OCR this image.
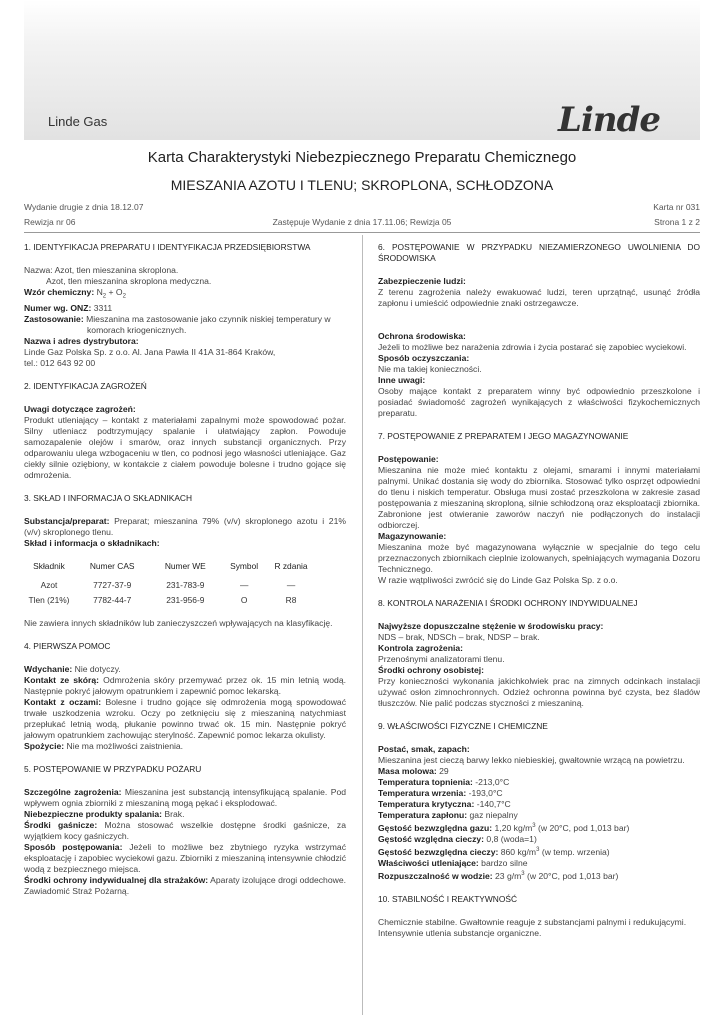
Linde Gas	Linde
Karta Charakterystyki Niebezpiecznego Preparatu Chemicznego
MIESZANIA AZOTU I TLENU; SKROPLONA, SCHŁODZONA
Wydanie drugie z dnia 18.12.07	Karta nr 031
Rewizja nr 06	Zastępuje Wydanie z dnia 17.11.06; Rewizja 05	Strona 1 z 2

1. IDENTYFIKACJA PREPARATU I IDENTYFIKACJA PRZEDSIĘBIORSTWA

Nazwa: Azot, tlen mieszanina skroplona.

Azot, tlen mieszanina skroplona medyczna.

Wzór chemiczny: $N_2 + O_2$

Numer wg. ONZ: 3311

Zastosowanie: Mieszanina ma zastosowanie jako czynnik niskiej temperatury w

komorach kriogenicznych.

Nazwa i adres dystrybutora:

Linde Gaz Polska Sp. z o.o. Al. Jana Pawła II 41A 31-864 Kraków,

tel.: 012 643 92 00

2. IDENTYFIKACJA ZAGROŻEŃ

Uwagi dotyczące zagrożeń:

Produkt utleniający – kontakt z materiałami zapalnymi może spowodować pożar. Silny utleniacz podtrzymujący spalanie i ułatwiający zapłon. Powoduje samozapalenie olejów i smarów, oraz innych substancji organicznych. Przy odparowaniu ulega wzbogaceniu w tlen, co podnosi jego własności utleniające. Gaz ciekły silnie oziębiony, w kontakcie z ciałem powoduje bolesne i trudno gojące się odmrożenia.

3. SKŁAD I INFORMACJA O SKŁADNIKACH

Substancja/preparat: Preparat; mieszanina 79% (v/v) skroplonego azotu i 21% (v/v) skroplonego tlenu.

Skład i informacja o składnikach:

Składnik	Numer CAS	Numer WE	Symbol	R zdania
Azot	7727-37-9	231-783-9	—	—
Tlen (21%)	7782-44-7	231-956-9	O	R8

Nie zawiera innych składników lub zanieczyszczeń wpływających na klasyfikację.

4. PIERWSZA POMOC

Wdychanie: Nie dotyczy.

Kontakt ze skórą: Odmrożenia skóry przemywać przez ok. 15 min letnią wodą. Następnie pokryć jałowym opatrunkiem i zapewnić pomoc lekarską.

Kontakt z oczami: Bolesne i trudno gojące się odmrożenia mogą spowodować trwałe uszkodzenia wzroku. Oczy po zetknięciu się z mieszaniną natychmiast przepłukać letnią wodą, płukanie powinno trwać ok. 15 min. Następnie pokryć jałowym opatrunkiem zachowując sterylność. Zapewnić pomoc lekarza okulisty.

Spożycie: Nie ma możliwości zaistnienia.

5. POSTĘPOWANIE W PRZYPADKU POŻARU

Szczególne zagrożenia: Mieszanina jest substancją intensyfikującą spalanie. Pod wpływem ognia zbiorniki z mieszaniną mogą pękać i eksplodować.

Niebezpieczne produkty spalania: Brak.

Środki gaśnicze: Można stosować wszelkie dostępne środki gaśnicze, za wyjątkiem kocy gaśniczych.

Sposób postępowania: Jeżeli to możliwe bez zbytniego ryzyka wstrzymać eksploatację i zapobiec wyciekowi gazu. Zbiorniki z mieszaniną intensywnie chłodzić wodą z bezpiecznego miejsca.

Środki ochrony indywidualnej dla strażaków: Aparaty izolujące drogi oddechowe. Zawiadomić Straż Pożarną.

6. POSTĘPOWANIE W PRZYPADKU NIEZAMIERZONEGO UWOLNIENIA DO ŚRODOWISKA

Zabezpieczenie ludzi:

Z terenu zagrożenia należy ewakuować ludzi, teren uprzątnąć, usunąć źródła zapłonu i umieścić odpowiednie znaki ostrzegawcze.

Ochrona środowiska:

Jeżeli to możliwe bez narażenia zdrowia i życia postarać się zapobiec wyciekowi.

Sposób oczyszczania:

Nie ma takiej konieczności.

Inne uwagi:

Osoby mające kontakt z preparatem winny być odpowiednio przeszkolone i posiadać świadomość zagrożeń wynikających z właściwości fizykochemicznych preparatu.

7. POSTĘPOWANIE Z PREPARATEM I JEGO MAGAZYNOWANIE

Postępowanie:

Mieszanina nie może mieć kontaktu z olejami, smarami i innymi materiałami palnymi. Unikać dostania się wody do zbiornika. Stosować tylko osprzęt odpowiedni do tlenu i niskich temperatur. Obsługa musi zostać przeszkolona w zakresie zasad postępowania z mieszaniną skroploną, silnie schłodzoną oraz eksploatacji zbiornika. Zabronione jest otwieranie zaworów naczyń nie podłączonych do instalacji odbiorczej.

Magazynowanie:

Mieszanina może być magazynowana wyłącznie w specjalnie do tego celu przeznaczonych zbiornikach cieplnie izolowanych, spełniających wymagania Dozoru Technicznego.

W razie wątpliwości zwrócić się do Linde Gaz Polska Sp. z o.o.

8. KONTROLA NARAŻENIA I ŚRODKI OCHRONY INDYWIDUALNEJ

Najwyższe dopuszczalne stężenie w środowisku pracy:

NDS – brak, NDSCh – brak, NDSP – brak.

Kontrola zagrożenia:

Przenośnymi analizatorami tlenu.

Środki ochrony osobistej:

Przy konieczności wykonania jakichkolwiek prac na zimnych odcinkach instalacji używać osłon zimnochronnych. Odzież ochronna powinna być czysta, bez śladów tłuszczów. Nie palić podczas styczności z mieszaniną.

9. WŁAŚCIWOŚCI FIZYCZNE I CHEMICZNE

Postać, smak, zapach:

Mieszanina jest cieczą barwy lekko niebieskiej, gwałtownie wrzącą na powietrzu.

Masa molowa: 29

Temperatura topnienia: -213,0°C

Temperatura wrzenia: -193,0°C

Temperatura krytyczna: -140,7°C

Temperatura zapłonu: gaz niepalny

Gęstość bezwzględna gazu: 1,20 $kg/m^3$ (w 20°C, pod 1,013 bar)

Gęstość względna cieczy: 0,8 (woda=1)

Gęstość bezwzględna cieczy: 860 $kg/m^3$ (w temp. wrzenia)

Właściwości utleniające: bardzo silne

Rozpuszczalność w wodzie: 23 $g/m^3$ (w 20°C, pod 1,013 bar)

10. STABILNOŚĆ I REAKTYWNOŚĆ

Chemicznie stabilne. Gwałtownie reaguje z substancjami palnymi i redukującymi. Intensywnie utlenia substancje organiczne.
